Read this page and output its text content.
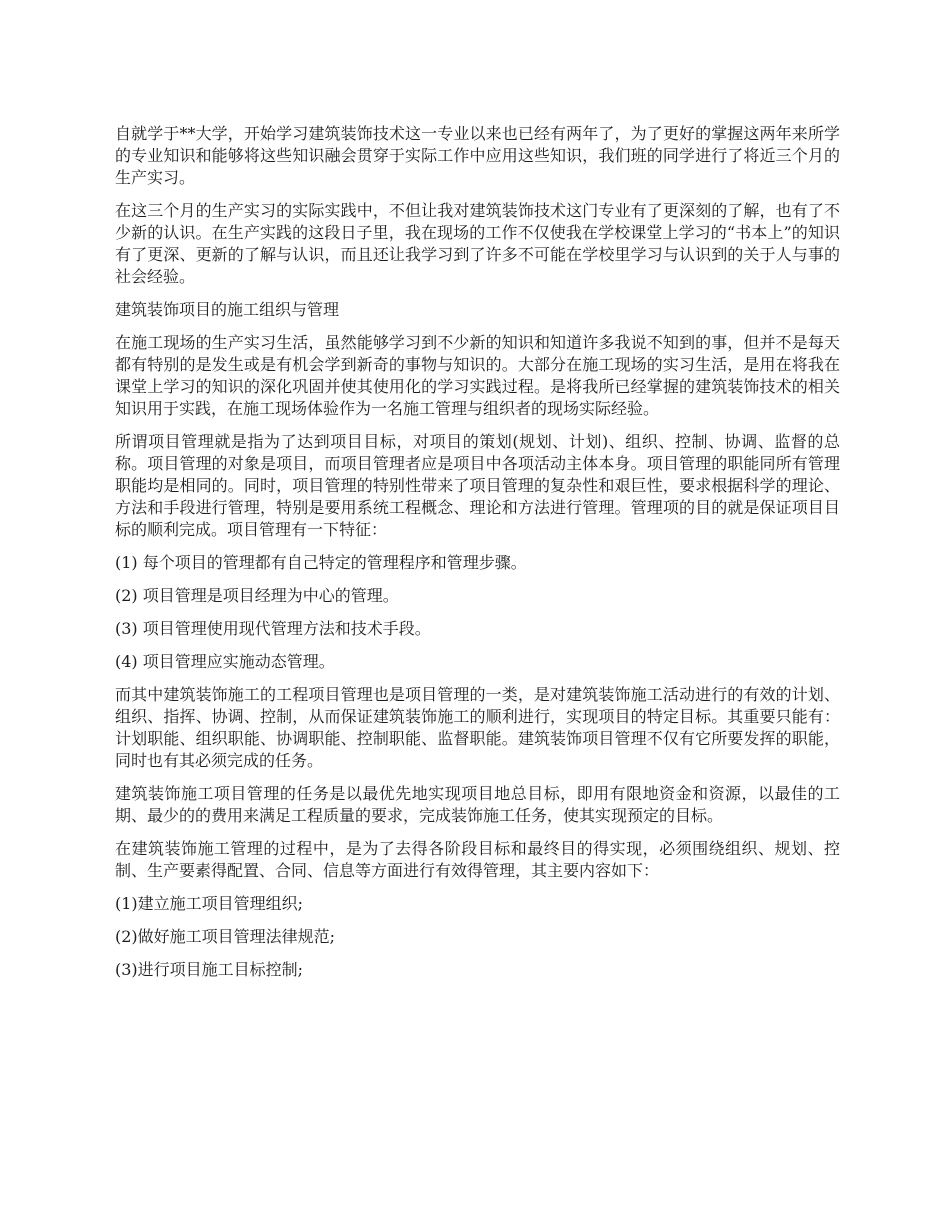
自就学于**大学，开始学习建筑装饰技术这一专业以来也已经有两年了，为了更好的掌握这两年来所学的专业知识和能够将这些知识融会贯穿于实际工作中应用这些知识，我们班的同学进行了将近三个月的生产实习。

在这三个月的生产实习的实际实践中，不但让我对建筑装饰技术这门专业有了更深刻的了解，也有了不少新的认识。在生产实践的这段日子里，我在现场的工作不仅使我在学校课堂上学习的“书本上”的知识有了更深、更新的了解与认识，而且还让我学习到了许多不可能在学校里学习与认识到的关于人与事的社会经验。

建筑装饰项目的施工组织与管理

在施工现场的生产实习生活，虽然能够学习到不少新的知识和知道许多我说不知到的事，但并不是每天都有特别的是发生或是有机会学到新奇的事物与知识的。大部分在施工现场的实习生活，是用在将我在课堂上学习的知识的深化巩固并使其使用化的学习实践过程。是将我所已经掌握的建筑装饰技术的相关知识用于实践，在施工现场体验作为一名施工管理与组织者的现场实际经验。

所谓项目管理就是指为了达到项目目标，对项目的策划(规划、计划)、组织、控制、协调、监督的总称。项目管理的对象是项目，而项目管理者应是项目中各项活动主体本身。项目管理的职能同所有管理职能均是相同的。同时，项目管理的特别性带来了项目管理的复杂性和艰巨性，要求根据科学的理论、方法和手段进行管理，特别是要用系统工程概念、理论和方法进行管理。管理项的目的就是保证项目目标的顺利完成。项目管理有一下特征：

(1) 每个项目的管理都有自己特定的管理程序和管理步骤。

(2) 项目管理是项目经理为中心的管理。

(3) 项目管理使用现代管理方法和技术手段。

(4) 项目管理应实施动态管理。

而其中建筑装饰施工的工程项目管理也是项目管理的一类，是对建筑装饰施工活动进行的有效的计划、组织、指挥、协调、控制，从而保证建筑装饰施工的顺利进行，实现项目的特定目标。其重要只能有：计划职能、组织职能、协调职能、控制职能、监督职能。建筑装饰项目管理不仅有它所要发挥的职能，同时也有其必须完成的任务。

建筑装饰施工项目管理的任务是以最优先地实现项目地总目标，即用有限地资金和资源，以最佳的工期、最少的的费用来满足工程质量的要求，完成装饰施工任务，使其实现预定的目标。

在建筑装饰施工管理的过程中，是为了去得各阶段目标和最终目的得实现，必须围绕组织、规划、控制、生产要素得配置、合同、信息等方面进行有效得管理，其主要内容如下：

(1)建立施工项目管理组织;

(2)做好施工项目管理法律规范;

(3)进行项目施工目标控制;
